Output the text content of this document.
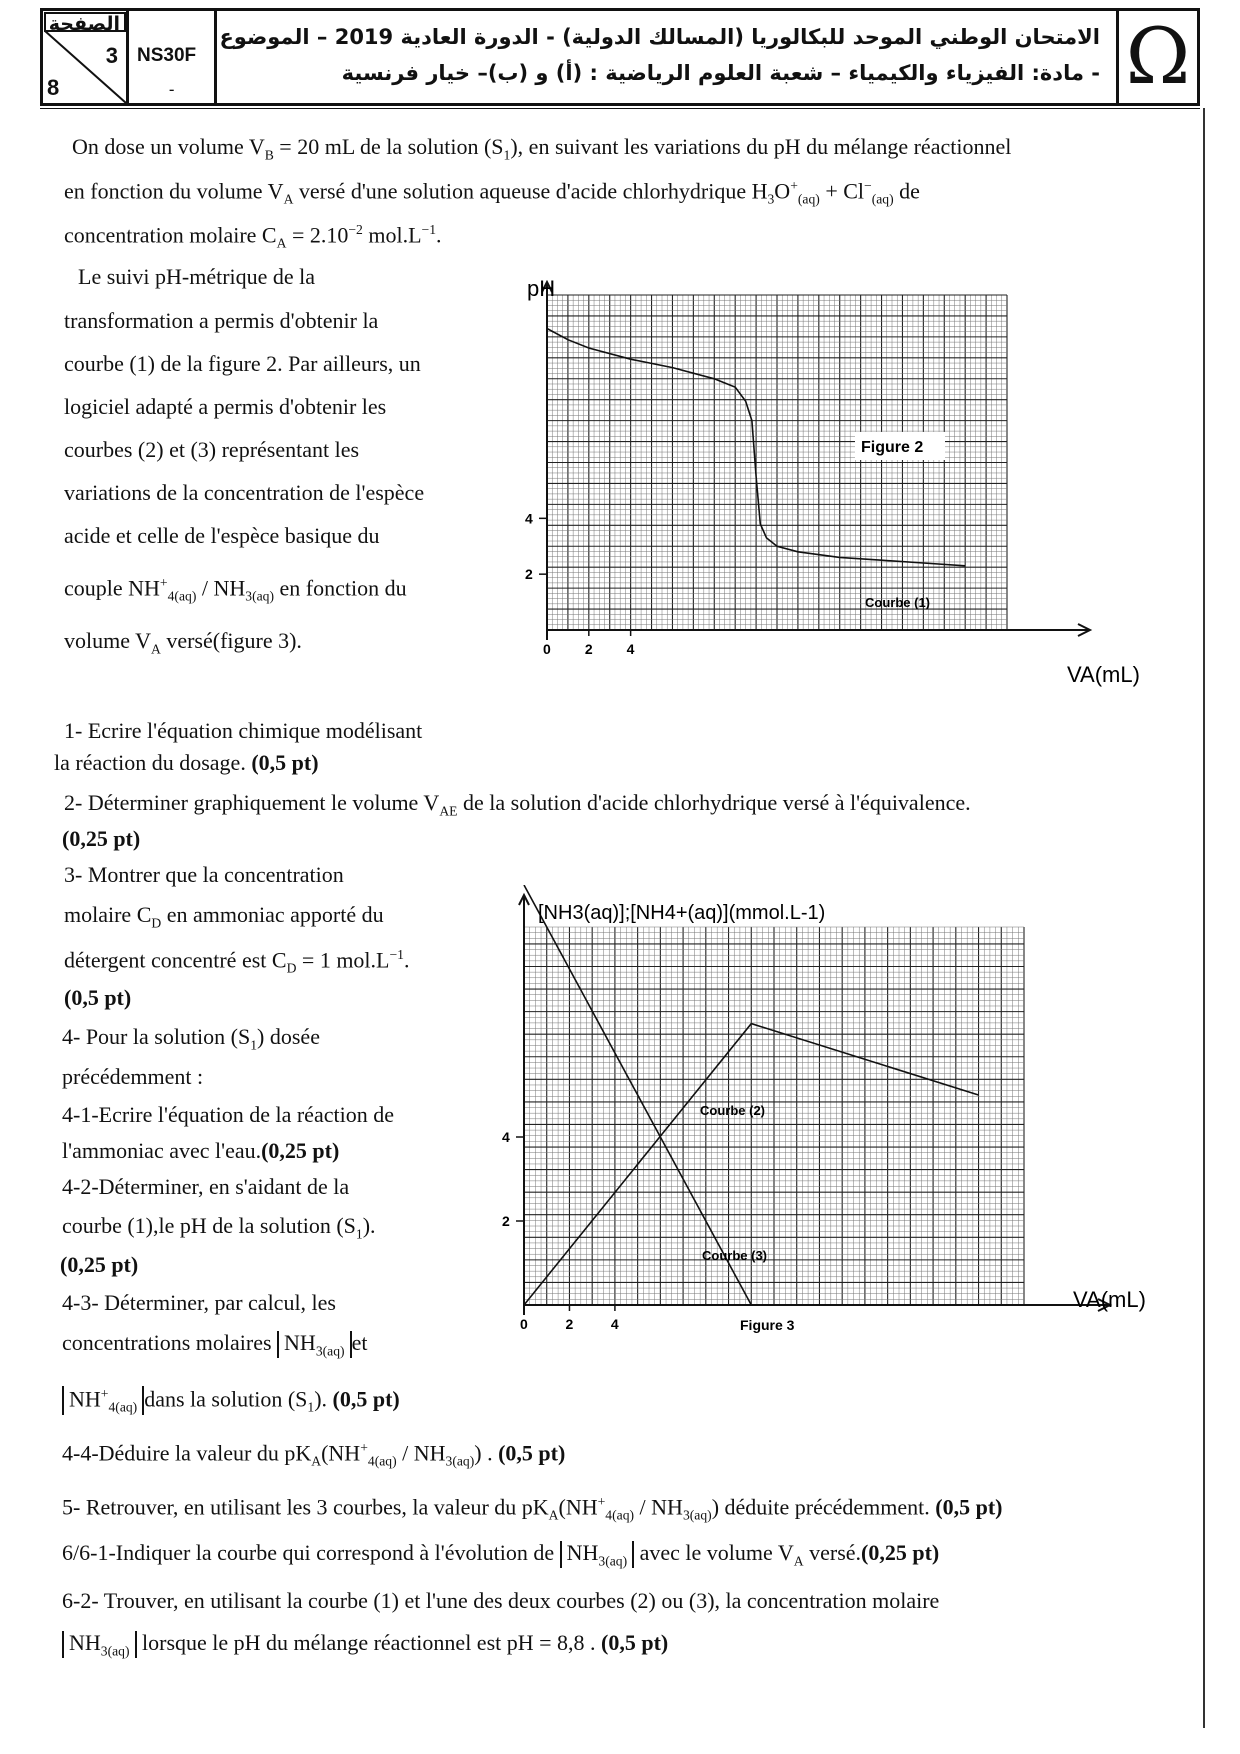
الصفحة
3
8
NS30F
-
الامتحان الوطني الموحد للبكالوريا (المسالك الدولية) - الدورة العادية 2019 – الموضوع
- مادة: الفيزياء والكيمياء – شعبة العلوم الرياضية : (أ) و (ب)– خيار فرنسية Ω
On dose un volume $V_B = 20$ mL de la solution $(S_1)$, en suivant les variations du pH du mélange réactionnel
en fonction du volume $V_A$ versé d'une solution aqueuse d'acide chlorhydrique $H_3O^+_{(aq)} + Cl^-_{(aq)}$ de
concentration molaire $C_A = 2.10^{-2}$ $mol.L^{-1}$.
Le suivi pH-métrique de la
transformation a permis d'obtenir la
courbe (1) de la figure 2. Par ailleurs, un
logiciel adapté a permis d'obtenir les
courbes (2) et (3) représentant les
variations de la concentration de l'espèce
acide et celle de l'espèce basique du
couple $NH^+_{4(aq)} / NH_{3(aq)}$ en fonction du
volume $V_A$ versé(figure 3).	0 2 4
2
4
pH
Figure 2
VA(mL)
Courbe (1)
1- Ecrire l'équation chimique modélisant
la réaction du dosage. (0,5 pt)
2- Déterminer graphiquement le volume $V_{AE}$ de la solution d'acide chlorhydrique versé à l'équivalence.
(0,25 pt)
3- Montrer que la concentration
molaire $C_D$ en ammoniac apporté du
détergent concentré est $C_D = 1$ $mol.L^{-1}$.
(0,5 pt)
4- Pour la solution $(S_1)$ dosée
précédemment :
4-1-Ecrire l'équation de la réaction de
l'ammoniac avec l'eau.(0,25 pt)
4-2-Déterminer, en s'aidant de la
courbe (1),le pH de la solution $(S_1)$.
(0,25 pt)
4-3- Déterminer, par calcul, les
concentrations molaires $NH_{3(aq)}$ et
$NH^+_{4(aq)}$ dans la solution $(S_1)$. (0,5 pt)
0	2	4
2
4
[NH3(aq)];[NH4+(aq)](mmol.L-1)
VA(mL)
Courbe (2)
Courbe (3)
Figure 3
4-4-Déduire la valeur du $pK_A(NH^+_{4(aq)} / NH_{3(aq)})$ . (0,5 pt)
5- Retrouver, en utilisant les 3 courbes, la valeur du $pK_A(NH^+_{4(aq)} / NH_{3(aq)})$ déduite précédemment. (0,5 pt)
6/6-1-Indiquer la courbe qui correspond à l'évolution de $NH_{3(aq)}$ avec le volume $V_A$ versé.(0,25 pt)
6-2- Trouver, en utilisant la courbe (1) et l'une des deux courbes (2) ou (3), la concentration molaire
$NH_{3(aq)}$ lorsque le pH du mélange réactionnel est pH = 8,8 . (0,5 pt)
